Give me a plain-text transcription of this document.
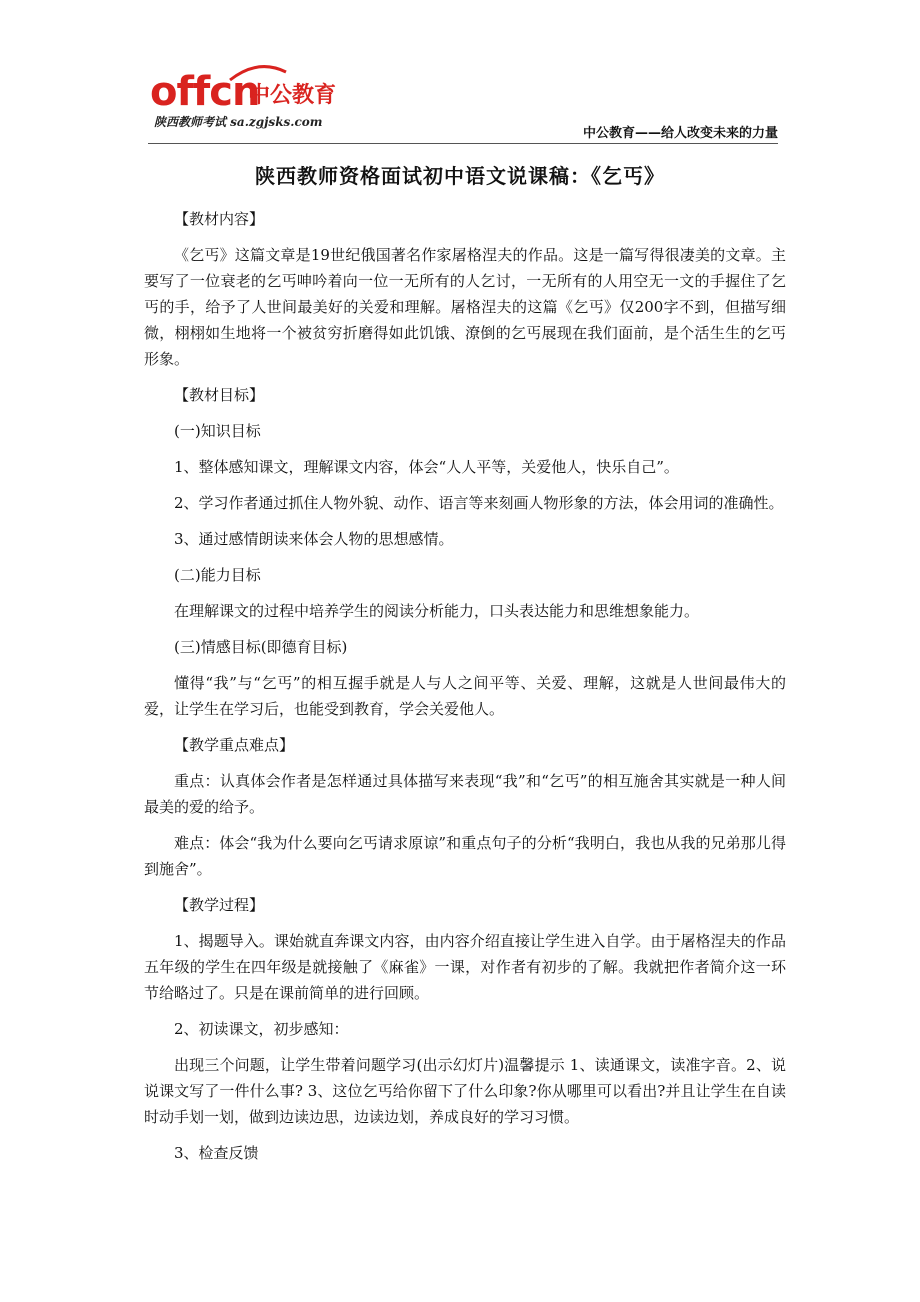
offcn
中公教育
陕西教师考试 sa.zgjsks.com
中公教育——给人改变未来的力量
陕西教师资格面试初中语文说课稿：《乞丐》

【教材内容】

《乞丐》这篇文章是19世纪俄国著名作家屠格涅夫的作品。这是一篇写得很凄美的文章。主要写了一位衰老的乞丐呻吟着向一位一无所有的人乞讨，一无所有的人用空无一文的手握住了乞丐的手，给予了人世间最美好的关爱和理解。屠格涅夫的这篇《乞丐》仅200字不到，但描写细微，栩栩如生地将一个被贫穷折磨得如此饥饿、潦倒的乞丐展现在我们面前，是个活生生的乞丐形象。

【教材目标】

(一)知识目标

1、整体感知课文，理解课文内容，体会“人人平等，关爱他人，快乐自己”。

2、学习作者通过抓住人物外貌、动作、语言等来刻画人物形象的方法，体会用词的准确性。

3、通过感情朗读来体会人物的思想感情。

(二)能力目标

在理解课文的过程中培养学生的阅读分析能力，口头表达能力和思维想象能力。

(三)情感目标(即德育目标)

懂得“我”与“乞丐”的相互握手就是人与人之间平等、关爱、理解，这就是人世间最伟大的爱，让学生在学习后，也能受到教育，学会关爱他人。

【教学重点难点】

重点：认真体会作者是怎样通过具体描写来表现“我”和“乞丐”的相互施舍其实就是一种人间最美的爱的给予。

难点：体会“我为什么要向乞丐请求原谅”和重点句子的分析“我明白，我也从我的兄弟那儿得到施舍”。

【教学过程】

1、揭题导入。课始就直奔课文内容，由内容介绍直接让学生进入自学。由于屠格涅夫的作品五年级的学生在四年级是就接触了《麻雀》一课，对作者有初步的了解。我就把作者简介这一环节给略过了。只是在课前简单的进行回顾。

2、初读课文，初步感知：

出现三个问题，让学生带着问题学习(出示幻灯片)温馨提示 1、读通课文，读准字音。2、说说课文写了一件什么事? 3、这位乞丐给你留下了什么印象?你从哪里可以看出?并且让学生在自读时动手划一划，做到边读边思，边读边划，养成良好的学习习惯。

3、检查反馈
